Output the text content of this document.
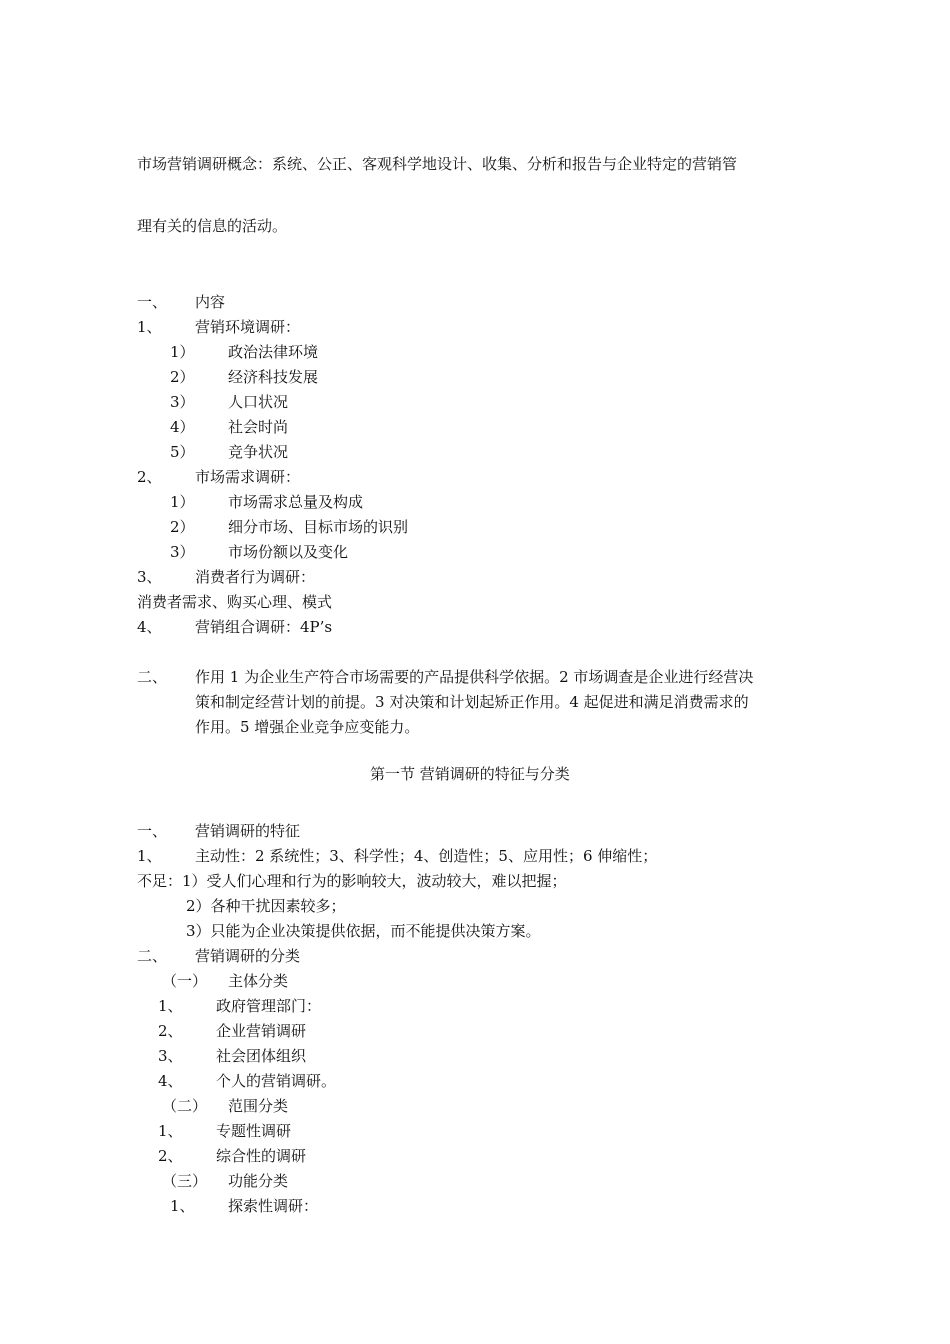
市场营销调研概念：系统、公正、客观科学地设计、收集、分析和报告与企业特定的营销管
理有关的信息的活动。
一、 内容
1、 营销环境调研：
1） 政治法律环境
2） 经济科技发展
3） 人口状况
4） 社会时尚
5） 竞争状况
2、 市场需求调研：
1） 市场需求总量及构成
2） 细分市场、目标市场的识别
3） 市场份额以及变化
3、 消费者行为调研：
消费者需求、购买心理、模式
4、 营销组合调研：4P’s
二、 作用 1 为企业生产符合市场需要的产品提供科学依据。2 市场调查是企业进行经营决
策和制定经营计划的前提。3 对决策和计划起矫正作用。4 起促进和满足消费需求的
作用。5 增强企业竞争应变能力。
第一节 营销调研的特征与分类
一、 营销调研的特征
1、 主动性：2 系统性；3、科学性；4、创造性；5、应用性；6 伸缩性；
不足：1）受人们心理和行为的影响较大，波动较大，难以把握；
2）各种干扰因素较多；
3）只能为企业决策提供依据，而不能提供决策方案。
二、 营销调研的分类
（一） 主体分类
1、 政府管理部门：
2、 企业营销调研
3、 社会团体组织
4、 个人的营销调研。
（二） 范围分类
1、 专题性调研
2、 综合性的调研
（三） 功能分类
1、 探索性调研：
